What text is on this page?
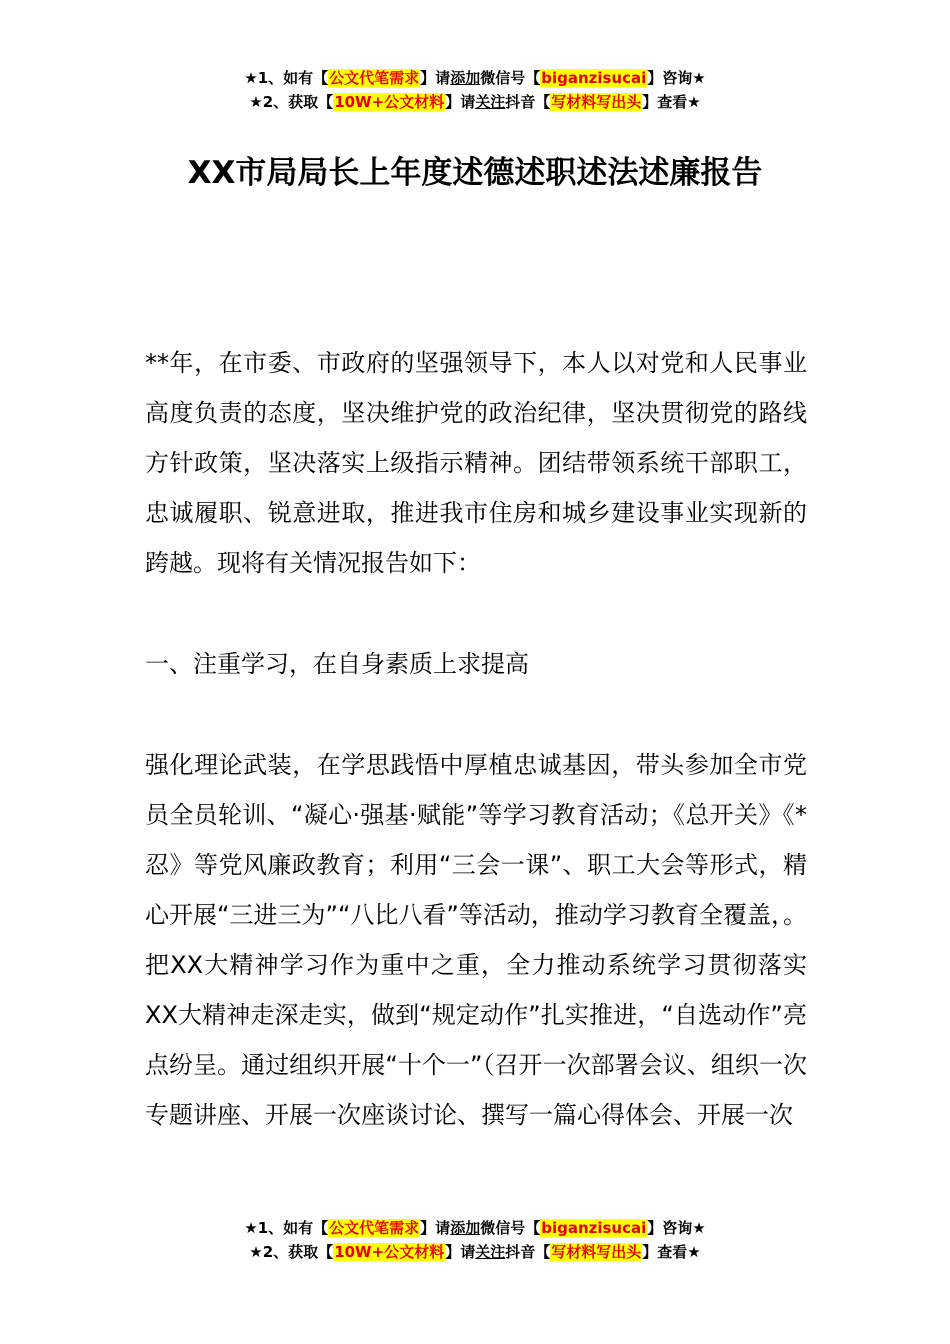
★1、如有【公文代笔需求】请添加微信号【biganzisucai】咨询★
★2、获取【10W+公文材料】请关注抖音【写材料写出头】查看★
XX市局局长上年度述德述职述法述廉报告

**年，在市委、市政府的坚强领导下，本人以对党和人民事业高度负责的态度，坚决维护党的政治纪律，坚决贯彻党的路线方针政策，坚决落实上级指示精神。团结带领系统干部职工，忠诚履职、锐意进取，推进我市住房和城乡建设事业实现新的跨越。现将有关情况报告如下：

一、注重学习，在自身素质上求提高

强化理论武装，在学思践悟中厚植忠诚基因，带头参加全市党员全员轮训、“凝心·强基·赋能”等学习教育活动；《总开关》《*忍》等党风廉政教育；利用“三会一课”、职工大会等形式，精心开展“三进三为”“八比八看”等活动，推动学习教育全覆盖，。把XX大精神学习作为重中之重，全力推动系统学习贯彻落实XX大精神走深走实，做到“规定动作”扎实推进，“自选动作”亮点纷呈。通过组织开展“十个一”（召开一次部署会议、组织一次专题讲座、开展一次座谈讨论、撰写一篇心得体会、开展一次

★1、如有【公文代笔需求】请添加微信号【biganzisucai】咨询★
★2、获取【10W+公文材料】请关注抖音【写材料写出头】查看★
